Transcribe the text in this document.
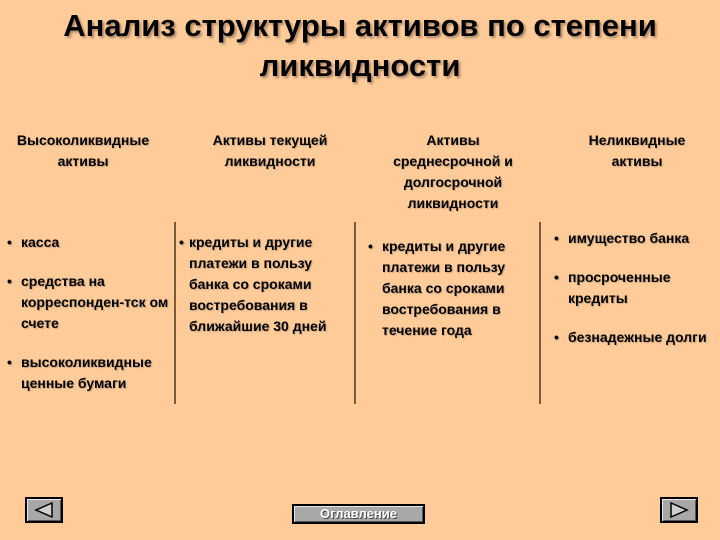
Анализ структуры активов по степени ликвидности
Высоколиквидные активы
Активы текущей ликвидности
Активы среднесрочной и долгосрочной ликвидности
Неликвидные активы
• касса
• средства на корреспонден-тск ом счете
• высоколиквидные ценные бумаги
• кредиты и другие платежи в пользу банка со сроками востребования в ближайшие 30 дней
• кредиты и другие платежи в пользу банка со сроками востребования в течение года
• имущество банка
• просроченные кредиты
• безнадежные долги
Оглавление
